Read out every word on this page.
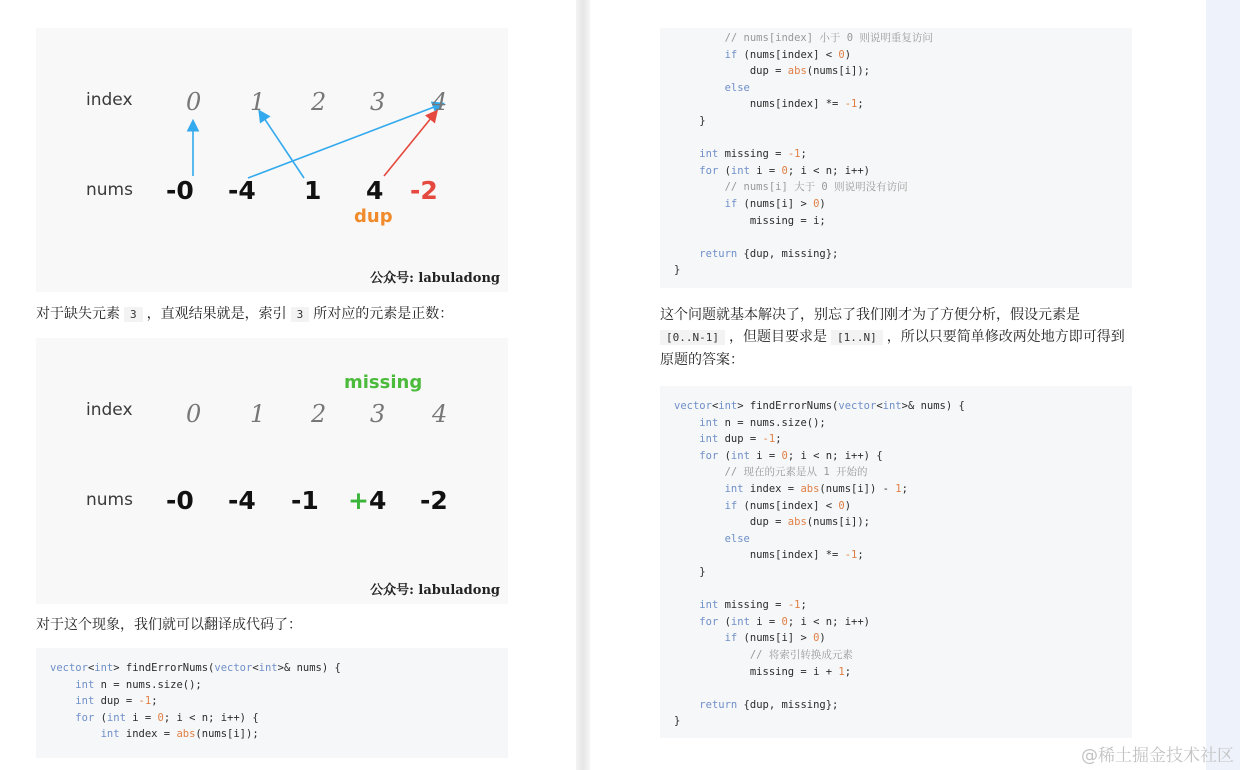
index 0 1 2 3 4
nums -0 -4 1 4 -2
dup
公众号: labuladong
对于缺失元素 3 ，直观结果就是，索引 3 所对应的元素是正数：
missing
index 0 1 2 3 4
nums -0 -4 -1 +4 -2
公众号: labuladong
对于这个现象，我们就可以翻译成代码了：
vector<int> findErrorNums(vector<int>& nums) {
int n = nums.size();
int dup = -1;
for (int i = 0; i < n; i++) {
int index = abs(nums[i]);
// nums[index] 小于 0 则说明重复访问
if (nums[index] < 0)
dup = abs(nums[i]);
else
nums[index] *= -1;
}
int missing = -1;
for (int i = 0; i < n; i++)
// nums[i] 大于 0 则说明没有访问
if (nums[i] > 0)
missing = i;
return {dup, missing};
}
这个问题就基本解决了，别忘了我们刚才为了方便分析，假设元素是
[0..N-1] ，但题目要求是 [1..N] ，所以只要简单修改两处地方即可得到
原题的答案：
vector<int> findErrorNums(vector<int>& nums) {
int n = nums.size();
int dup = -1;
for (int i = 0; i < n; i++) {
// 现在的元素是从 1 开始的
int index = abs(nums[i]) - 1;
if (nums[index] < 0)
dup = abs(nums[i]);
else
nums[index] *= -1;
}
int missing = -1;
for (int i = 0; i < n; i++)
if (nums[i] > 0)
// 将索引转换成元素
missing = i + 1;
return {dup, missing};
}
@稀土掘金技术社区
